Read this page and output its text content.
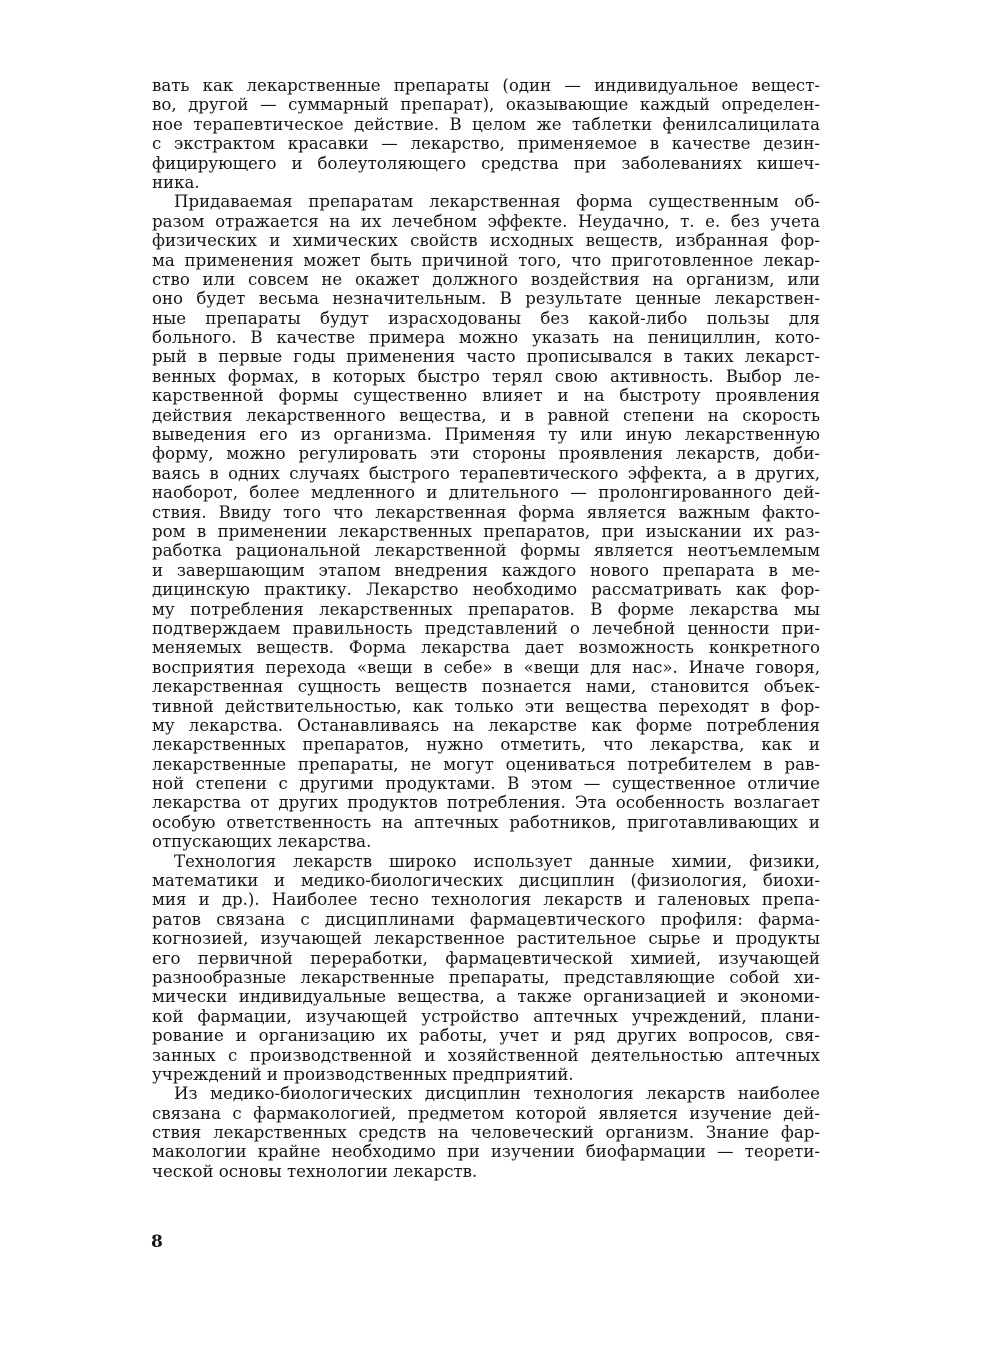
вать как лекарственные препараты (один — индивидуальное вещест-
во, другой — суммарный препарат), оказывающие каждый определен-
ное терапевтическое действие. В целом же таблетки фенилсалицилата
с экстрактом красавки — лекарство, применяемое в качестве дезин-
фицирующего и болеутоляющего средства при заболеваниях кишеч-
ника.
Придаваемая препаратам лекарственная форма существенным об-
разом отражается на их лечебном эффекте. Неудачно, т. е. без учета
физических и химических свойств исходных веществ, избранная фор-
ма применения может быть причиной того, что приготовленное лекар-
ство или совсем не окажет должного воздействия на организм, или
оно будет весьма незначительным. В результате ценные лекарствен-
ные препараты будут израсходованы без какой-либо пользы для
больного. В качестве примера можно указать на пенициллин, кото-
рый в первые годы применения часто прописывался в таких лекарст-
венных формах, в которых быстро терял свою активность. Выбор ле-
карственной формы существенно влияет и на быстроту проявления
действия лекарственного вещества, и в равной степени на скорость
выведения его из организма. Применяя ту или иную лекарственную
форму, можно регулировать эти стороны проявления лекарств, доби-
ваясь в одних случаях быстрого терапевтического эффекта, а в других,
наоборот, более медленного и длительного — пролонгированного дей-
ствия. Ввиду того что лекарственная форма является важным факто-
ром в применении лекарственных препаратов, при изыскании их раз-
работка рациональной лекарственной формы является неотъемлемым
и завершающим этапом внедрения каждого нового препарата в ме-
дицинскую практику. Лекарство необходимо рассматривать как фор-
му потребления лекарственных препаратов. В форме лекарства мы
подтверждаем правильность представлений о лечебной ценности при-
меняемых веществ. Форма лекарства дает возможность конкретного
восприятия перехода «вещи в себе» в «вещи для нас». Иначе говоря,
лекарственная сущность веществ познается нами, становится объек-
тивной действительностью, как только эти вещества переходят в фор-
му лекарства. Останавливаясь на лекарстве как форме потребления
лекарственных препаратов, нужно отметить, что лекарства, как и
лекарственные препараты, не могут оцениваться потребителем в рав-
ной степени с другими продуктами. В этом — существенное отличие
лекарства от других продуктов потребления. Эта особенность возлагает
особую ответственность на аптечных работников, приготавливающих и
отпускающих лекарства.
Технология лекарств широко использует данные химии, физики,
математики и медико-биологических дисциплин (физиология, биохи-
мия и др.). Наиболее тесно технология лекарств и галеновых препа-
ратов связана с дисциплинами фармацевтического профиля: фарма-
когнозией, изучающей лекарственное растительное сырье и продукты
его первичной переработки, фармацевтической химией, изучающей
разнообразные лекарственные препараты, представляющие собой хи-
мически индивидуальные вещества, а также организацией и экономи-
кой фармации, изучающей устройство аптечных учреждений, плани-
рование и организацию их работы, учет и ряд других вопросов, свя-
занных с производственной и хозяйственной деятельностью аптечных
учреждений и производственных предприятий.
Из медико-биологических дисциплин технология лекарств наиболее
связана с фармакологией, предметом которой является изучение дей-
ствия лекарственных средств на человеческий организм. Знание фар-
макологии крайне необходимо при изучении биофармации — теорети-
ческой основы технологии лекарств.
8
